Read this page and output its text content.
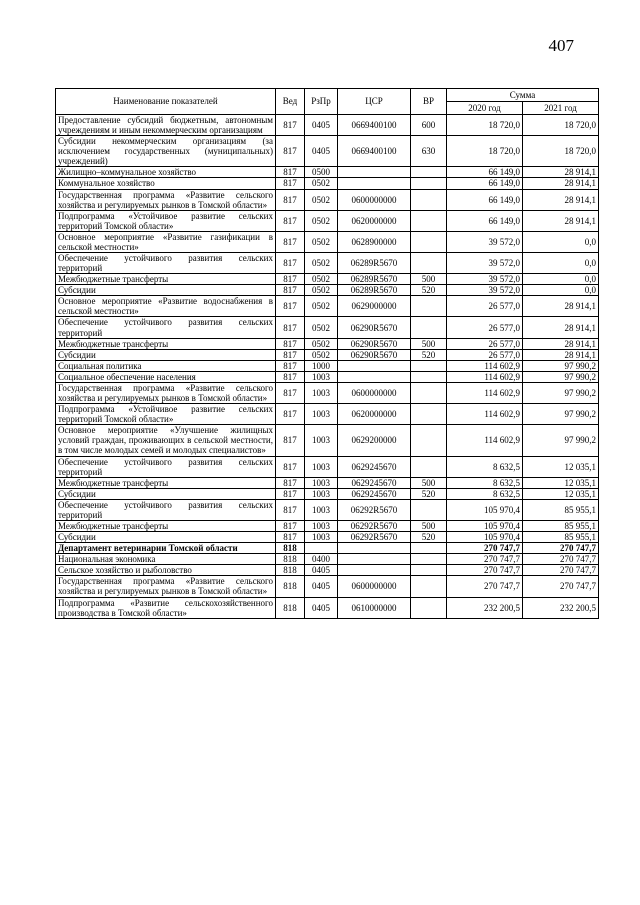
407
Наименование показателей	Вед	РзПр	ЦСР	ВР	Сумма	
					2020 год	2021 год
Предоставление субсидий бюджетным, автономным учреждениям и иным некоммерческим организациям	817	0405	0669400100	600	18 720,0	18 720,0
Субсидии некоммерческим организациям (за исключением государственных (муниципальных) учреждений)	817	0405	0669400100	630	18 720,0	18 720,0
Жилищно–коммунальное хозяйство	817	0500			66 149,0	28 914,1
Коммунальное хозяйство	817	0502			66 149,0	28 914,1
Государственная программа «Развитие сельского хозяйства и регулируемых рынков в Томской области»	817	0502	0600000000		66 149,0	28 914,1
Подпрограмма «Устойчивое развитие сельских территорий Томской области»	817	0502	0620000000		66 149,0	28 914,1
Основное мероприятие «Развитие газификации в сельской местности»	817	0502	0628900000		39 572,0	0,0
Обеспечение устойчивого развития сельских территорий	817	0502	06289R5670		39 572,0	0,0
Межбюджетные трансферты	817	0502	06289R5670	500	39 572,0	0,0
Субсидии	817	0502	06289R5670	520	39 572,0	0,0
Основное мероприятие «Развитие водоснабжения в сельской местности»	817	0502	0629000000		26 577,0	28 914,1
Обеспечение устойчивого развития сельских территорий	817	0502	06290R5670		26 577,0	28 914,1
Межбюджетные трансферты	817	0502	06290R5670	500	26 577,0	28 914,1
Субсидии	817	0502	06290R5670	520	26 577,0	28 914,1
Социальная политика	817	1000			114 602,9	97 990,2
Социальное обеспечение населения	817	1003			114 602,9	97 990,2
Государственная программа «Развитие сельского хозяйства и регулируемых рынков в Томской области»	817	1003	0600000000		114 602,9	97 990,2
Подпрограмма «Устойчивое развитие сельских территорий Томской области»	817	1003	0620000000		114 602,9	97 990,2
Основное мероприятие «Улучшение жилищных условий граждан, проживающих в сельской местности, в том числе молодых семей и молодых специалистов»	817	1003	0629200000		114 602,9	97 990,2
Обеспечение устойчивого развития сельских территорий	817	1003	0629245670		8 632,5	12 035,1
Межбюджетные трансферты	817	1003	0629245670	500	8 632,5	12 035,1
Субсидии	817	1003	0629245670	520	8 632,5	12 035,1
Обеспечение устойчивого развития сельских территорий	817	1003	06292R5670		105 970,4	85 955,1
Межбюджетные трансферты	817	1003	06292R5670	500	105 970,4	85 955,1
Субсидии	817	1003	06292R5670	520	105 970,4	85 955,1
Департамент ветеринарии Томской области	818				270 747,7	270 747,7
Национальная экономика	818	0400			270 747,7	270 747,7
Сельское хозяйство и рыболовство	818	0405			270 747,7	270 747,7
Государственная программа «Развитие сельского хозяйства и регулируемых рынков в Томской области»	818	0405	0600000000		270 747,7	270 747,7
Подпрограмма «Развитие сельскохозяйственного производства в Томской области»	818	0405	0610000000		232 200,5	232 200,5
